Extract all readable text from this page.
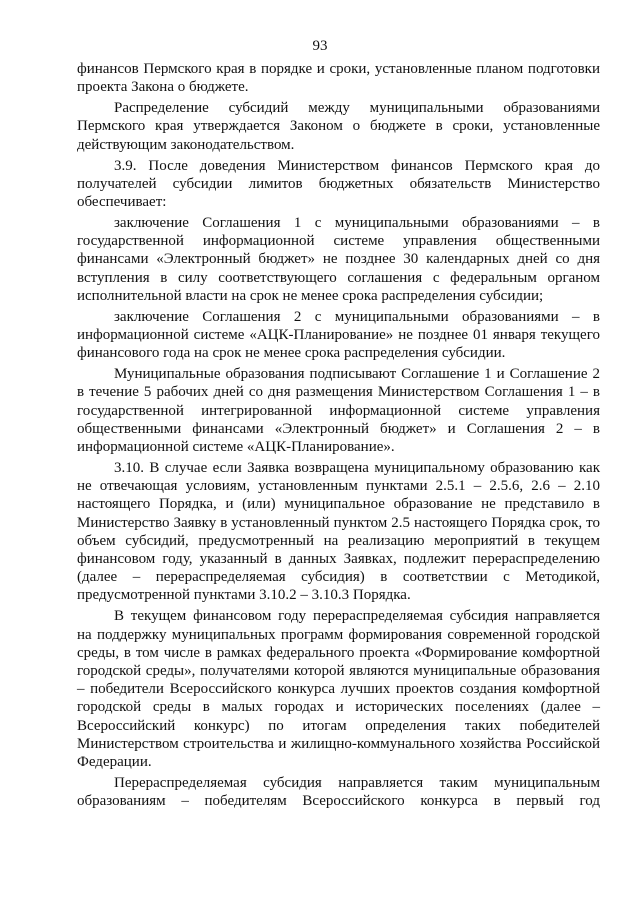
93

финансов Пермского края в порядке и сроки, установленные планом подготовки проекта Закона о бюджете.

Распределение субсидий между муниципальными образованиями Пермского края утверждается Законом о бюджете в сроки, установленные действующим законодательством.

3.9. После доведения Министерством финансов Пермского края до получателей субсидии лимитов бюджетных обязательств Министерство обеспечивает:

заключение Соглашения 1 с муниципальными образованиями – в государственной информационной системе управления общественными финансами «Электронный бюджет» не позднее 30 календарных дней со дня вступления в силу соответствующего соглашения с федеральным органом исполнительной власти на срок не менее срока распределения субсидии;

заключение Соглашения 2 с муниципальными образованиями – в информационной системе «АЦК-Планирование» не позднее 01 января текущего финансового года на срок не менее срока распределения субсидии.

Муниципальные образования подписывают Соглашение 1 и Соглашение 2 в течение 5 рабочих дней со дня размещения Министерством Соглашения 1 – в государственной интегрированной информационной системе управления общественными финансами «Электронный бюджет» и Соглашения 2 – в информационной системе «АЦК-Планирование».

3.10. В случае если Заявка возвращена муниципальному образованию как не отвечающая условиям, установленным пунктами 2.5.1 – 2.5.6, 2.6 – 2.10 настоящего Порядка, и (или) муниципальное образование не представило в Министерство Заявку в установленный пунктом 2.5 настоящего Порядка срок, то объем субсидий, предусмотренный на реализацию мероприятий в текущем финансовом году, указанный в данных Заявках, подлежит перераспределению (далее – перераспределяемая субсидия) в соответствии с Методикой, предусмотренной пунктами 3.10.2 – 3.10.3 Порядка.

В текущем финансовом году перераспределяемая субсидия направляется на поддержку муниципальных программ формирования современной городской среды, в том числе в рамках федерального проекта «Формирование комфортной городской среды», получателями которой являются муниципальные образования – победители Всероссийского конкурса лучших проектов создания комфортной городской среды в малых городах и исторических поселениях (далее – Всероссийский конкурс) по итогам определения таких победителей Министерством строительства и жилищно-коммунального хозяйства Российской Федерации.

Перераспределяемая субсидия направляется таким муниципальным образованиям – победителям Всероссийского конкурса в первый год
